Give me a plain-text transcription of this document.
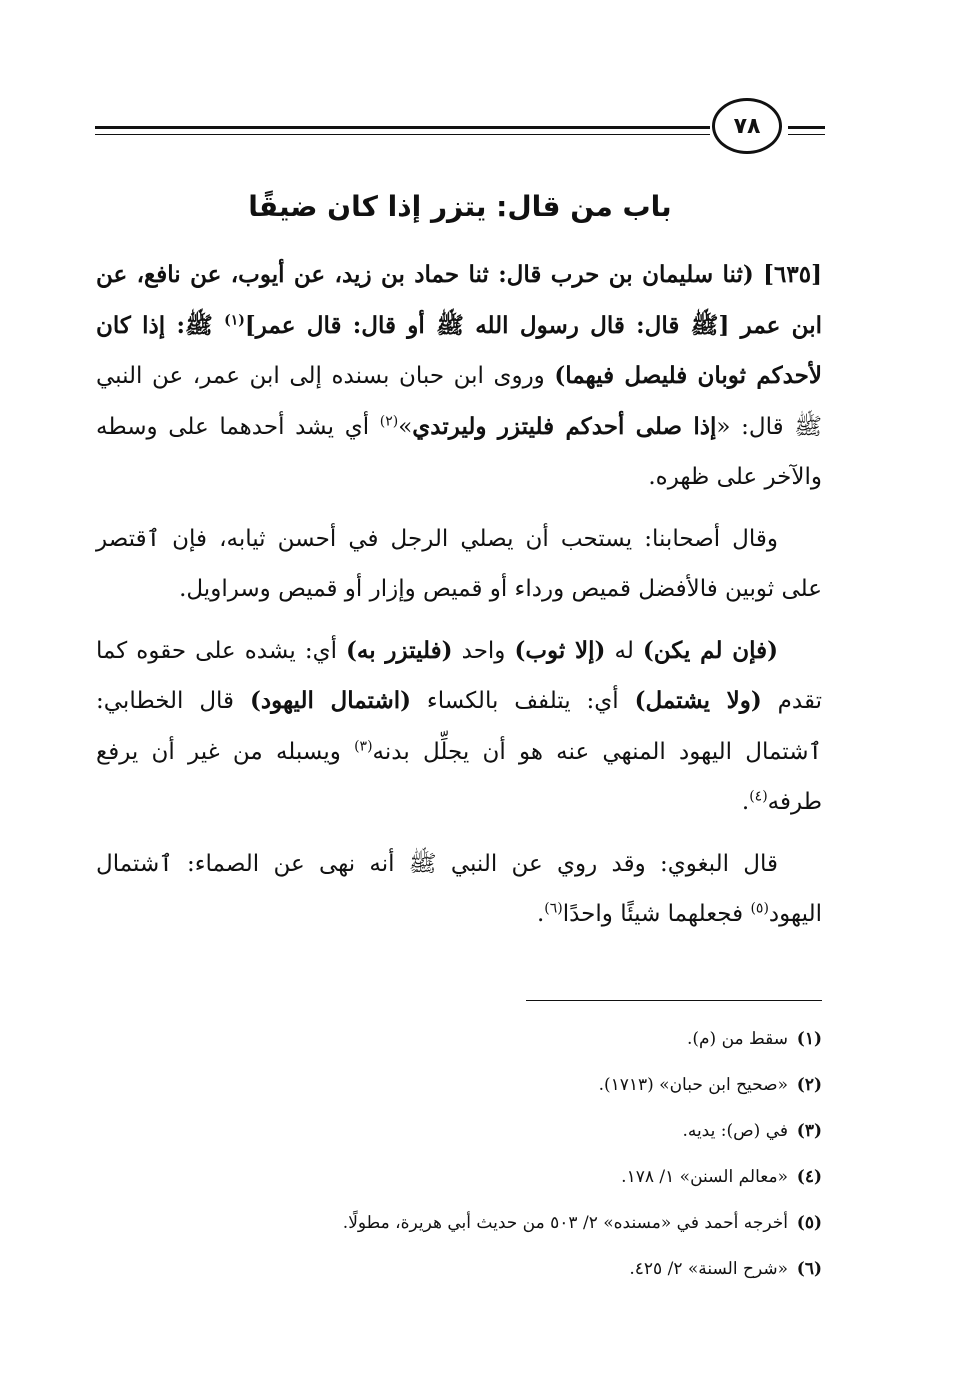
٧٨
باب من قال: يتزر إذا كان ضيقًا

[٦٣٥] (ثنا سليمان بن حرب قال: ثنا حماد بن زيد، عن أيوب، عن نافع، عن ابن عمر [ﷺ قال: قال رسول الله ﷺ أو قال: قال عمر]$^{(١)}$ ﷺ: إذا كان لأحدكم ثوبان فليصل فيهما) وروى ابن حبان بسنده إلى ابن عمر، عن النبي ﷺ قال: «إذا صلى أحدكم فليتزر وليرتدي»$^{(٢)}$ أي يشد أحدهما على وسطه والآخر على ظهره.

وقال أصحابنا: يستحب أن يصلي الرجل في أحسن ثيابه، فإن ٱقتصر على ثوبين فالأفضل قميص ورداء أو قميص وإزار أو قميص وسراويل.

(فإن لم يكن) له (إلا ثوب) واحد (فليتزر به) أي: يشده على حقوه كما تقدم (ولا يشتمل) أي: يتلفف بالكساء (اشتمال اليهود) قال الخطابي: ٱشتمال اليهود المنهي عنه هو أن يجلِّل بدنه$^{(٣)}$ ويسبله من غير أن يرفع طرفه$^{(٤)}$.

قال البغوي: وقد روي عن النبي ﷺ أنه نهى عن الصماء: ٱشتمال اليهود$^{(٥)}$ فجعلهما شيئًا واحدًا$^{(٦)}$.

(١)
سقط من (م).
(٢)
«صحيح ابن حبان» (١٧١٣).
(٣)
في (ص): يديه.
(٤)
«معالم السنن» ١/ ١٧٨.
(٥)
أخرجه أحمد في «مسنده» ٢/ ٥٠٣ من حديث أبي هريرة، مطولًا.
(٦)
«شرح السنة» ٢/ ٤٢٥.
